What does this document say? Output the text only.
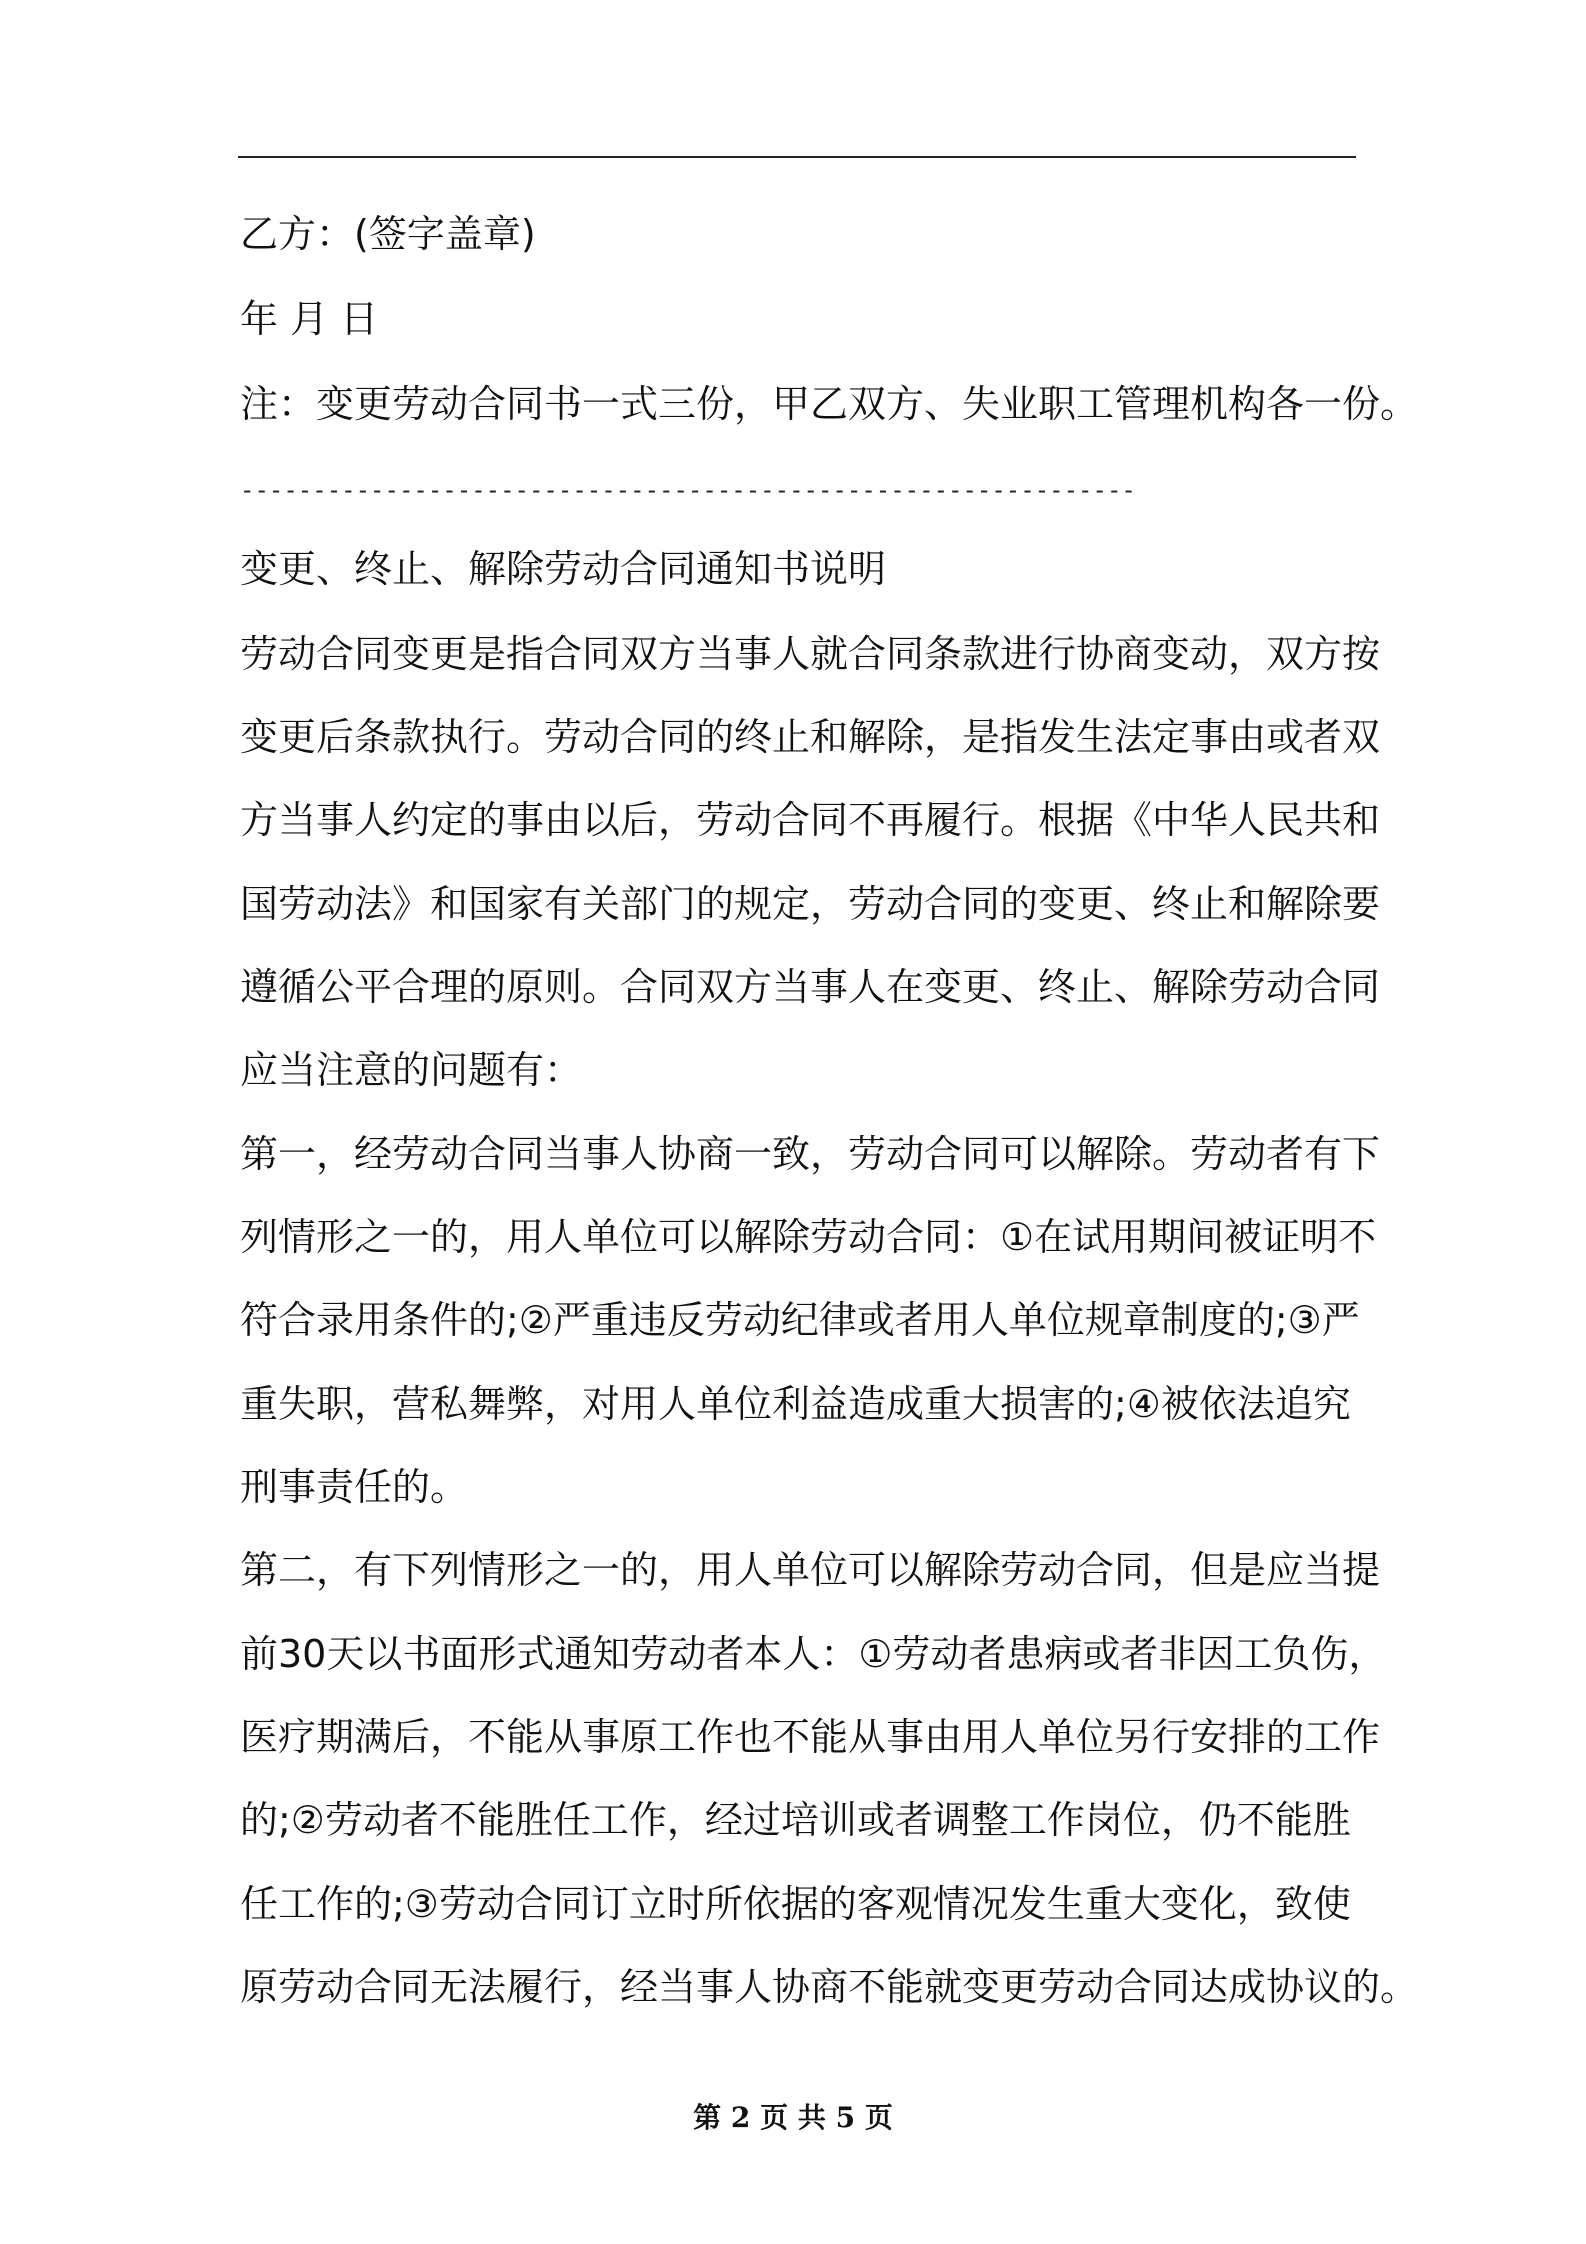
乙方：(签字盖章)
年 月 日
注：变更劳动合同书一式三份，甲乙双方、失业职工管理机构各一份。
--------------------------------------------------------------
变更、终止、解除劳动合同通知书说明
劳动合同变更是指合同双方当事人就合同条款进行协商变动，双方按
变更后条款执行。劳动合同的终止和解除，是指发生法定事由或者双
方当事人约定的事由以后，劳动合同不再履行。根据《中华人民共和
国劳动法》和国家有关部门的规定，劳动合同的变更、终止和解除要
遵循公平合理的原则。合同双方当事人在变更、终止、解除劳动合同
应当注意的问题有：
第一，经劳动合同当事人协商一致，劳动合同可以解除。劳动者有下
列情形之一的，用人单位可以解除劳动合同：①在试用期间被证明不
符合录用条件的;②严重违反劳动纪律或者用人单位规章制度的;③严
重失职，营私舞弊，对用人单位利益造成重大损害的;④被依法追究
刑事责任的。
第二，有下列情形之一的，用人单位可以解除劳动合同，但是应当提
前30天以书面形式通知劳动者本人：①劳动者患病或者非因工负伤，
医疗期满后，不能从事原工作也不能从事由用人单位另行安排的工作
的;②劳动者不能胜任工作，经过培训或者调整工作岗位，仍不能胜
任工作的;③劳动合同订立时所依据的客观情况发生重大变化，致使
原劳动合同无法履行，经当事人协商不能就变更劳动合同达成协议的。
第 2 页 共 5 页
